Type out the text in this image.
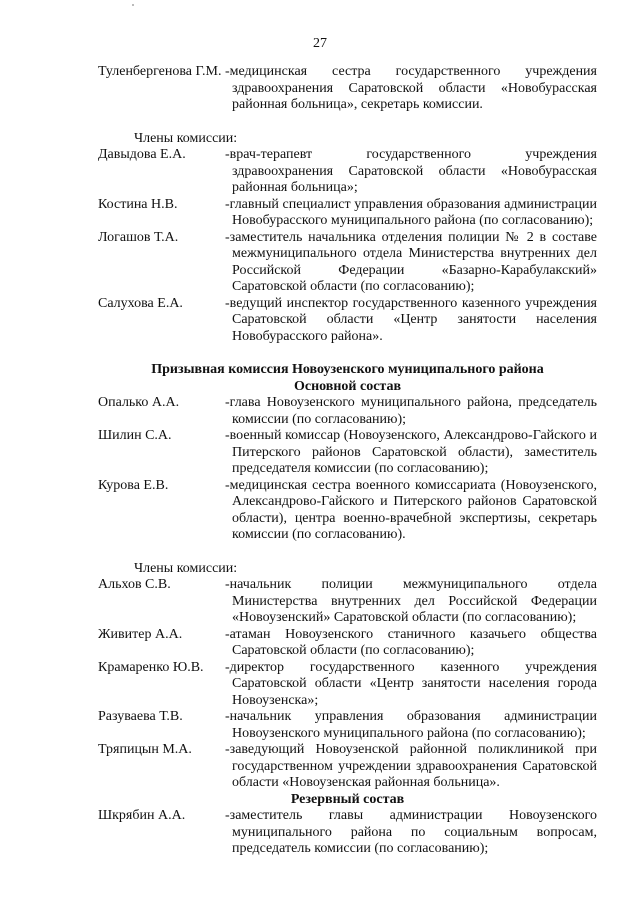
27
Туленбергенова Г.М. -медицинская сестра государственного учреждения здравоохранения Саратовской области «Новобурасская районная больница», секретарь комиссии.
Члены комиссии:
Давыдова Е.А.	-врач-терапевт государственного учреждения здравоохранения Саратовской области «Новобурасская районная больница»;
Костина Н.В.	-главный специалист управления образования администрации Новобурасского муниципального района (по согласованию);
Логашов Т.А.	-заместитель начальника отделения полиции № 2 в составе межмуниципального отдела Министерства внутренних дел Российской Федерации «Базарно-Карабулакский» Саратовской области (по согласованию);
Салухова Е.А.	-ведущий инспектор государственного казенного учреждения Саратовской области «Центр занятости населения Новобурасского района».
Призывная комиссия Новоузенского муниципального района
Основной состав
Опалько А.А.	-глава Новоузенского муниципального района, председатель комиссии (по согласованию);
Шилин С.А.	-военный комиссар (Новоузенского, Александрово-Гайского и Питерского районов Саратовской области), заместитель председателя комиссии (по согласованию);
Курова Е.В.	-медицинская сестра военного комиссариата (Новоузенского, Александрово-Гайского и Питерского районов Саратовской области), центра военно-врачебной экспертизы, секретарь комиссии (по согласованию).
Члены комиссии:
Альхов С.В.	-начальник полиции межмуниципального отдела Министерства внутренних дел Российской Федерации «Новоузенский» Саратовской области (по согласованию);
Живитер А.А.	-атаман Новоузенского станичного казачьего общества Саратовской области (по согласованию);
Крамаренко Ю.В.	-директор государственного казенного учреждения Саратовской области «Центр занятости населения города Новоузенска»;
Разуваева Т.В.	-начальник управления образования администрации Новоузенского муниципального района (по согласованию);
Тряпицын М.А.	-заведующий Новоузенской районной поликлиникой при государственном учреждении здравоохранения Саратовской области «Новоузенская районная больница».
Резервный состав
Шкрябин А.А.	-заместитель главы администрации Новоузенского муниципального района по социальным вопросам, председатель комиссии (по согласованию);
